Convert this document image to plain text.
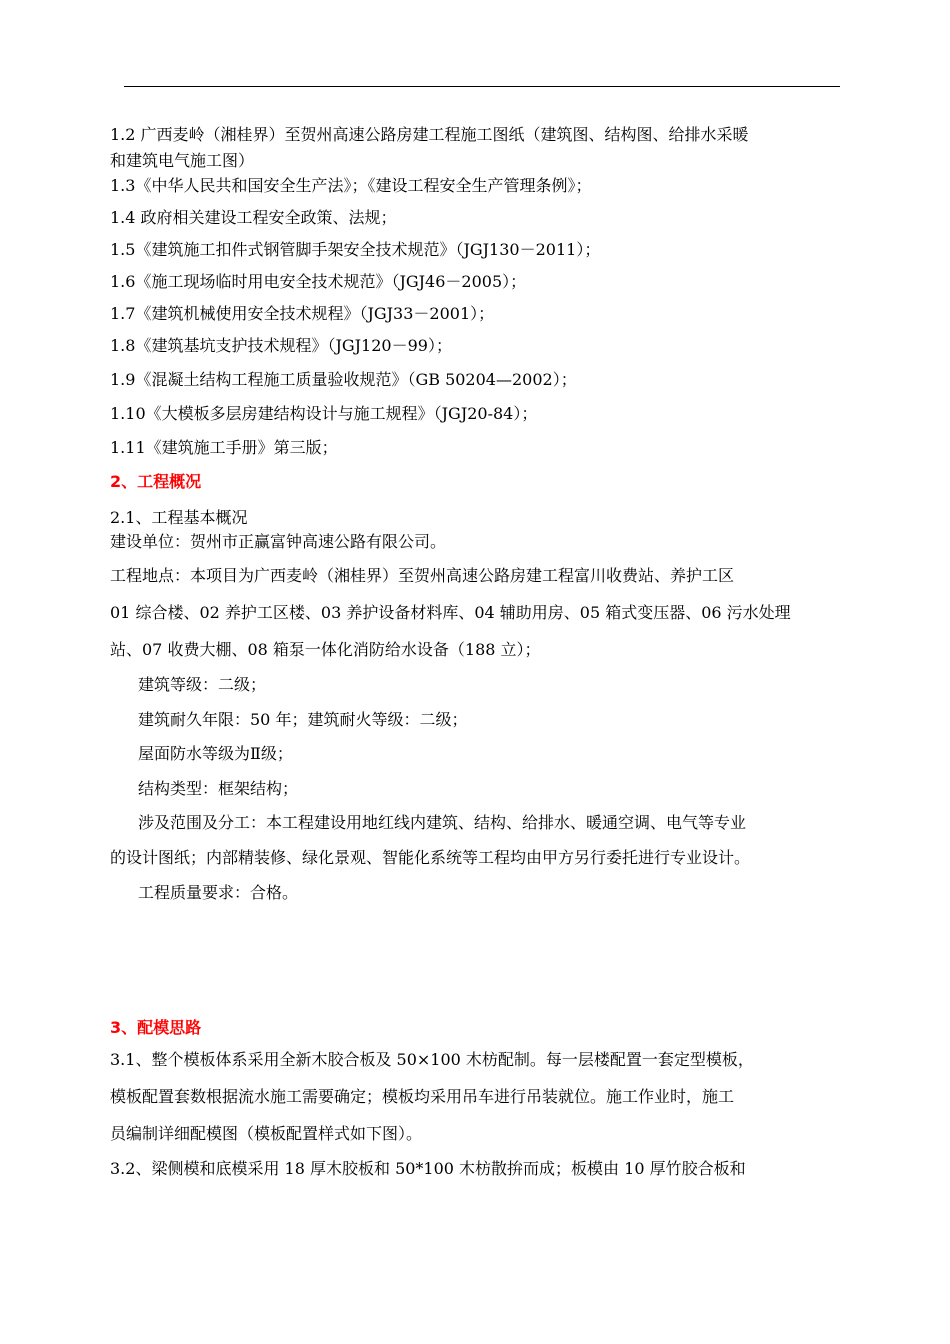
1.2 广西麦岭（湘桂界）至贺州高速公路房建工程施工图纸（建筑图、结构图、给排水采暖
和建筑电气施工图）
1.3《中华人民共和国安全生产法》；《建设工程安全生产管理条例》；
1.4 政府相关建设工程安全政策、法规；
1.5《建筑施工扣件式钢管脚手架安全技术规范》（JGJ130－2011）；
1.6《施工现场临时用电安全技术规范》（JGJ46－2005）；
1.7《建筑机械使用安全技术规程》（JGJ33－2001）；
1.8《建筑基坑支护技术规程》（JGJ120－99）；
1.9《混凝土结构工程施工质量验收规范》（GB 50204—2002）；
1.10《大模板多层房建结构设计与施工规程》（JGJ20-84）；
1.11《建筑施工手册》第三版；
2、工程概况
2.1、工程基本概况
建设单位：贺州市正赢富钟高速公路有限公司。
工程地点：本项目为广西麦岭（湘桂界）至贺州高速公路房建工程富川收费站、养护工区
01 综合楼、02 养护工区楼、03 养护设备材料库、04 辅助用房、05 箱式变压器、06 污水处理
站、07 收费大棚、08 箱泵一体化消防给水设备（188 立）；
建筑等级：二级；
建筑耐久年限：50 年；建筑耐火等级：二级；
屋面防水等级为Ⅱ级；
结构类型：框架结构；
涉及范围及分工：本工程建设用地红线内建筑、结构、给排水、暖通空调、电气等专业
的设计图纸；内部精装修、绿化景观、智能化系统等工程均由甲方另行委托进行专业设计。
工程质量要求：合格。
3、配模思路
3.1、整个模板体系采用全新木胶合板及 50×100 木枋配制。每一层楼配置一套定型模板，
模板配置套数根据流水施工需要确定；模板均采用吊车进行吊装就位。施工作业时，施工
员编制详细配模图（模板配置样式如下图）。
3.2、梁侧模和底模采用 18 厚木胶板和 50*100 木枋散拚而成；板模由 10 厚竹胶合板和
